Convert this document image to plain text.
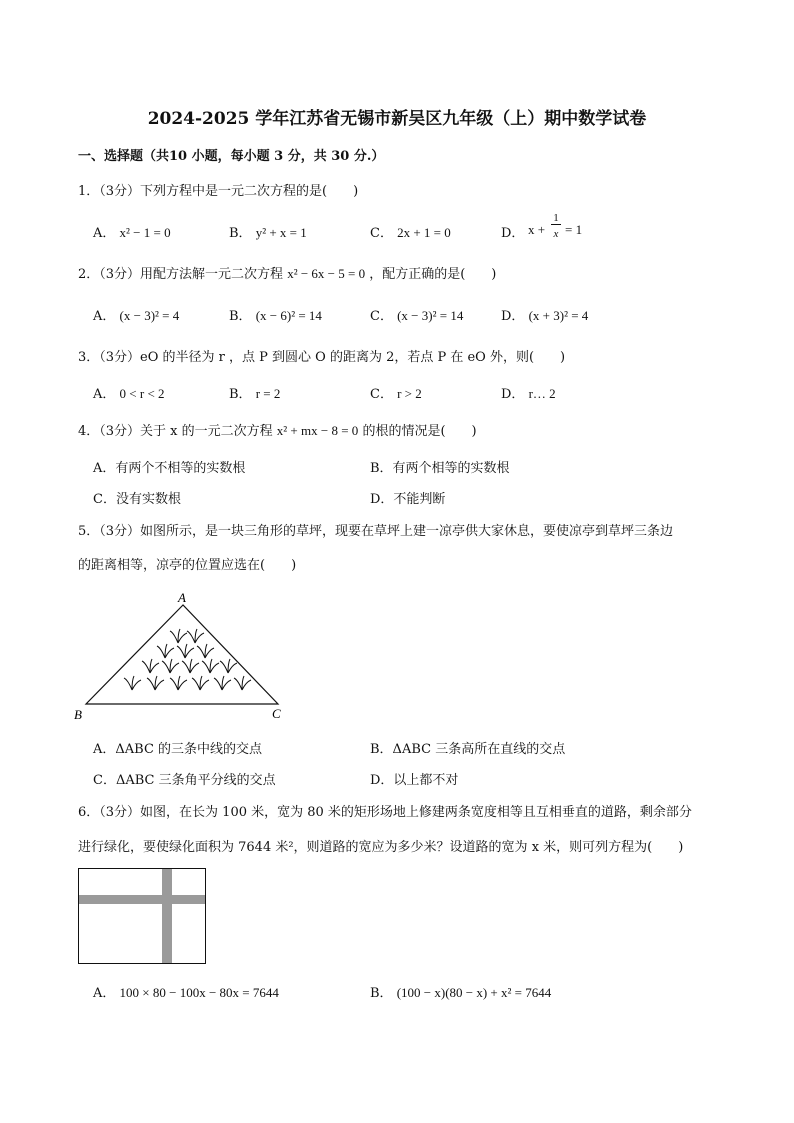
2024-2025 学年江苏省无锡市新吴区九年级（上）期中数学试卷
一、选择题（共10 小题，每小题 3 分，共 30 分.）
1．（3分）下列方程中是一元二次方程的是(　　)
A． x² − 1 = 0	B． y² + x = 1	C． 2x + 1 = 0	D． x +
1
x = 1
2．（3分）用配方法解一元二次方程 x² − 6x − 5 = 0 ，配方正确的是(　　)
A． (x − 3)² = 4	B． (x − 6)² = 14	C． (x − 3)² = 14	D． (x + 3)² = 4
3．（3分）eO 的半径为 r ，点 P 到圆心 O 的距离为 2，若点 P 在 eO 外，则(　　)
A． 0 < r < 2	B． r = 2	C． r > 2	D． r… 2
4．（3分）关于 x 的一元二次方程 x² + mx − 8 = 0 的根的情况是(　　)
A．有两个不相等的实数根	B．有两个相等的实数根
C．没有实数根	D．不能判断
5．（3分）如图所示，是一块三角形的草坪，现要在草坪上建一凉亭供大家休息，要使凉亭到草坪三条边
的距离相等，凉亭的位置应选在(　　)
A
B	C
A．ΔABC 的三条中线的交点	B．ΔABC 三条高所在直线的交点
C．ΔABC 三条角平分线的交点	D．以上都不对
6．（3分）如图，在长为 100 米，宽为 80 米的矩形场地上修建两条宽度相等且互相垂直的道路，剩余部分
进行绿化，要使绿化面积为 7644 米²，则道路的宽应为多少米？设道路的宽为 x 米，则可列方程为(　　)
A． 100 × 80 − 100x − 80x = 7644	B． (100 − x)(80 − x) + x² = 7644
